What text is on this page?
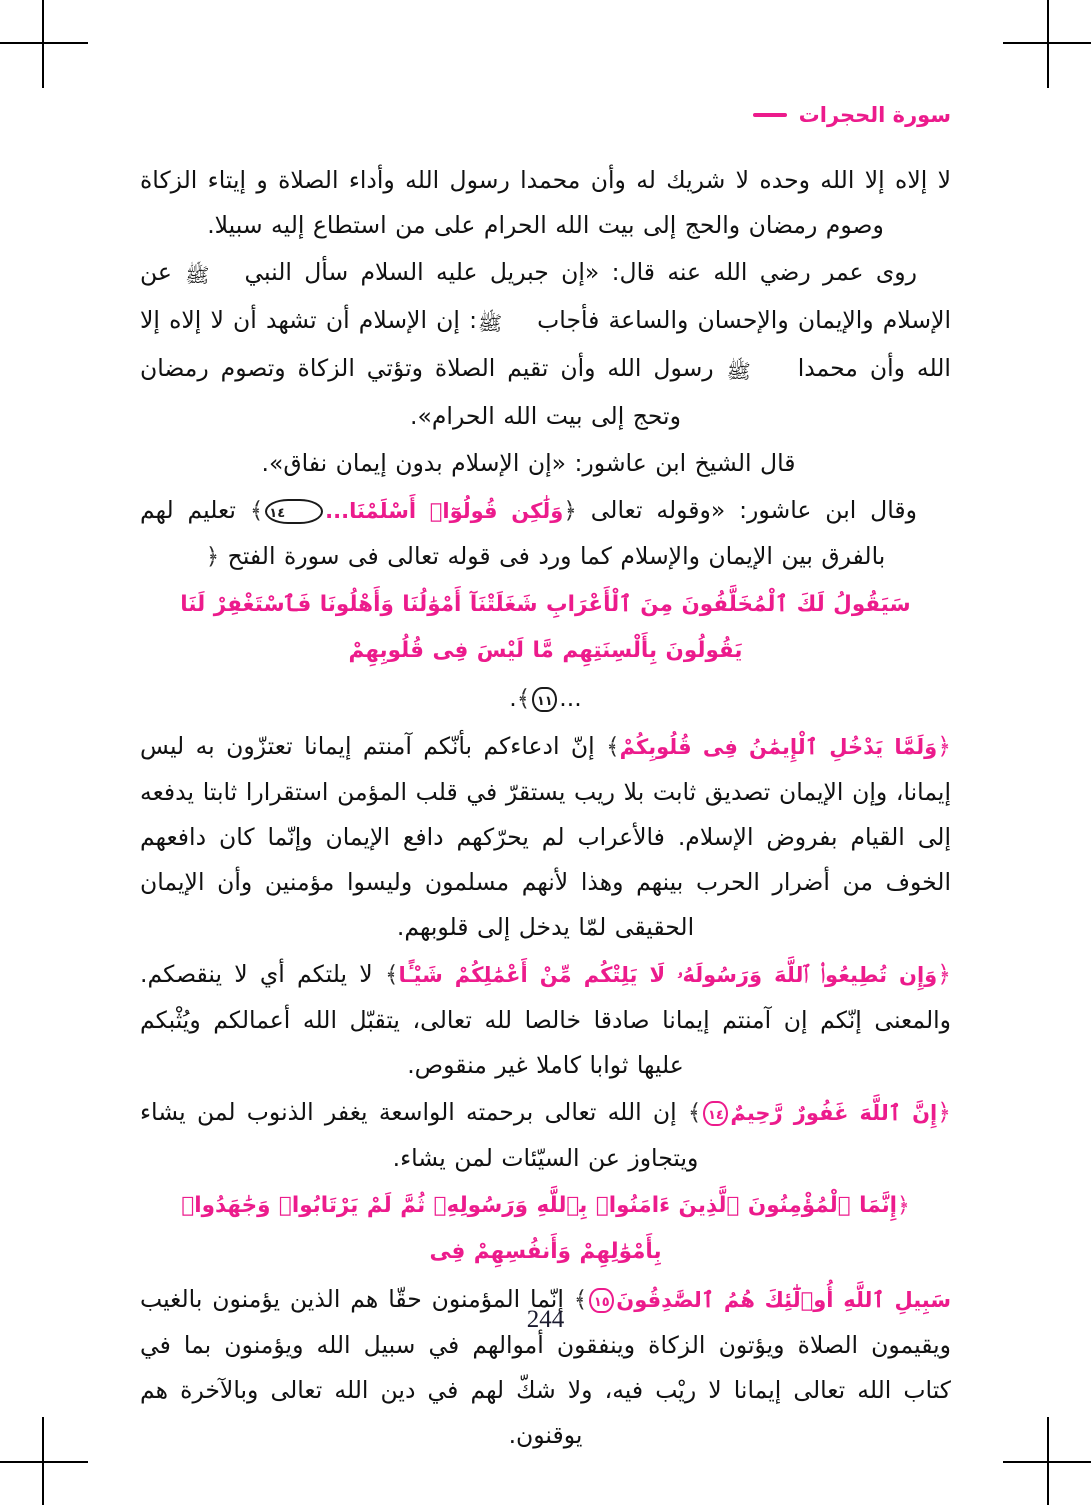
سورة الحجرات

لا إلاه إلا الله وحده لا شريك له وأن محمدا رسول الله وأداء الصلاة و إيتاء الزكاة وصوم رمضان والحج إلى بيت الله الحرام على من استطاع إليه سبيلا.

روى عمر رضي الله عنه قال: «إن جبريل عليه السلام سأل النبيﷺ عن الإسلام والإيمان والإحسان والساعة فأجابﷺ: إن الإسلام أن تشهد أن لا إلاه إلا الله وأن محمدا ﷺ رسول الله وأن تقيم الصلاة وتؤتي الزكاة وتصوم رمضان وتحج إلى بيت الله الحرام».

قال الشيخ ابن عاشور: «إن الإسلام بدون إيمان نفاق».

وقال ابن عاشور: «وقوله تعالى ﴿وَلَٰكِن قُولُوٓا۟ أَسْلَمْنَا...١٤﴾ تعليم لهم بالفرق بين الإيمان والإسلام كما ورد فى قوله تعالى فى سورة الفتح ﴿

سَيَقُولُ لَكَ ٱلْمُخَلَّفُونَ مِنَ ٱلْأَعْرَابِ شَغَلَتْنَآ أَمْوَٰلُنَا وَأَهْلُونَا فَٱسْتَغْفِرْ لَنَا يَقُولُونَ بِأَلْسِنَتِهِم مَّا لَيْسَ فِى قُلُوبِهِمْ

...١١﴾.

﴿وَلَمَّا يَدْخُلِ ٱلْإِيمَٰنُ فِى قُلُوبِكُمْ﴾ إنّ ادعاءكم بأنّكم آمنتم إيمانا تعتزّون به ليس إيمانا، وإن الإيمان تصديق ثابت بلا ريب يستقرّ في قلب المؤمن استقرارا ثابتا يدفعه إلى القيام بفروض الإسلام. فالأعراب لم يحرّكهم دافع الإيمان وإنّما كان دافعهم الخوف من أضرار الحرب بينهم وهذا لأنهم مسلمون وليسوا مؤمنين وأن الإيمان الحقيقى لمّا يدخل إلى قلوبهم.

﴿وَإِن تُطِيعُوا۟ ٱللَّهَ وَرَسُولَهُۥ لَا يَلِتْكُم مِّنْ أَعْمَٰلِكُمْ شَيْـًٔا﴾ لا يلتكم أي لا ينقصكم. والمعنى إنّكم إن آمنتم إيمانا صادقا خالصا لله تعالى، يتقبّل الله أعمالكم ويُثْبكم عليها ثوابا كاملا غير منقوص.

﴿إِنَّ ٱللَّهَ غَفُورٌ رَّحِيمٌ١٤﴾ إن الله تعالى برحمته الواسعة يغفر الذنوب لمن يشاء ويتجاوز عن السيّئات لمن يشاء.

﴿إِنَّمَا ٱلْمُؤْمِنُونَ ٱلَّذِينَ ءَامَنُوا۟ بِٱللَّهِ وَرَسُولِهِۦ ثُمَّ لَمْ يَرْتَابُوا۟ وَجَٰهَدُوا۟ بِأَمْوَٰلِهِمْ وَأَنفُسِهِمْ فِى

سَبِيلِ ٱللَّهِ أُو۟لَٰٓئِكَ هُمُ ٱلصَّٰدِقُونَ١٥﴾ إنّما المؤمنون حقّا هم الذين يؤمنون بالغيب ويقيمون الصلاة ويؤتون الزكاة وينفقون أموالهم في سبيل الله ويؤمنون بما في كتاب الله تعالى إيمانا لا ريْب فيه، ولا شكّ لهم في دين الله تعالى وبالآخرة هم يوقنون.

244
